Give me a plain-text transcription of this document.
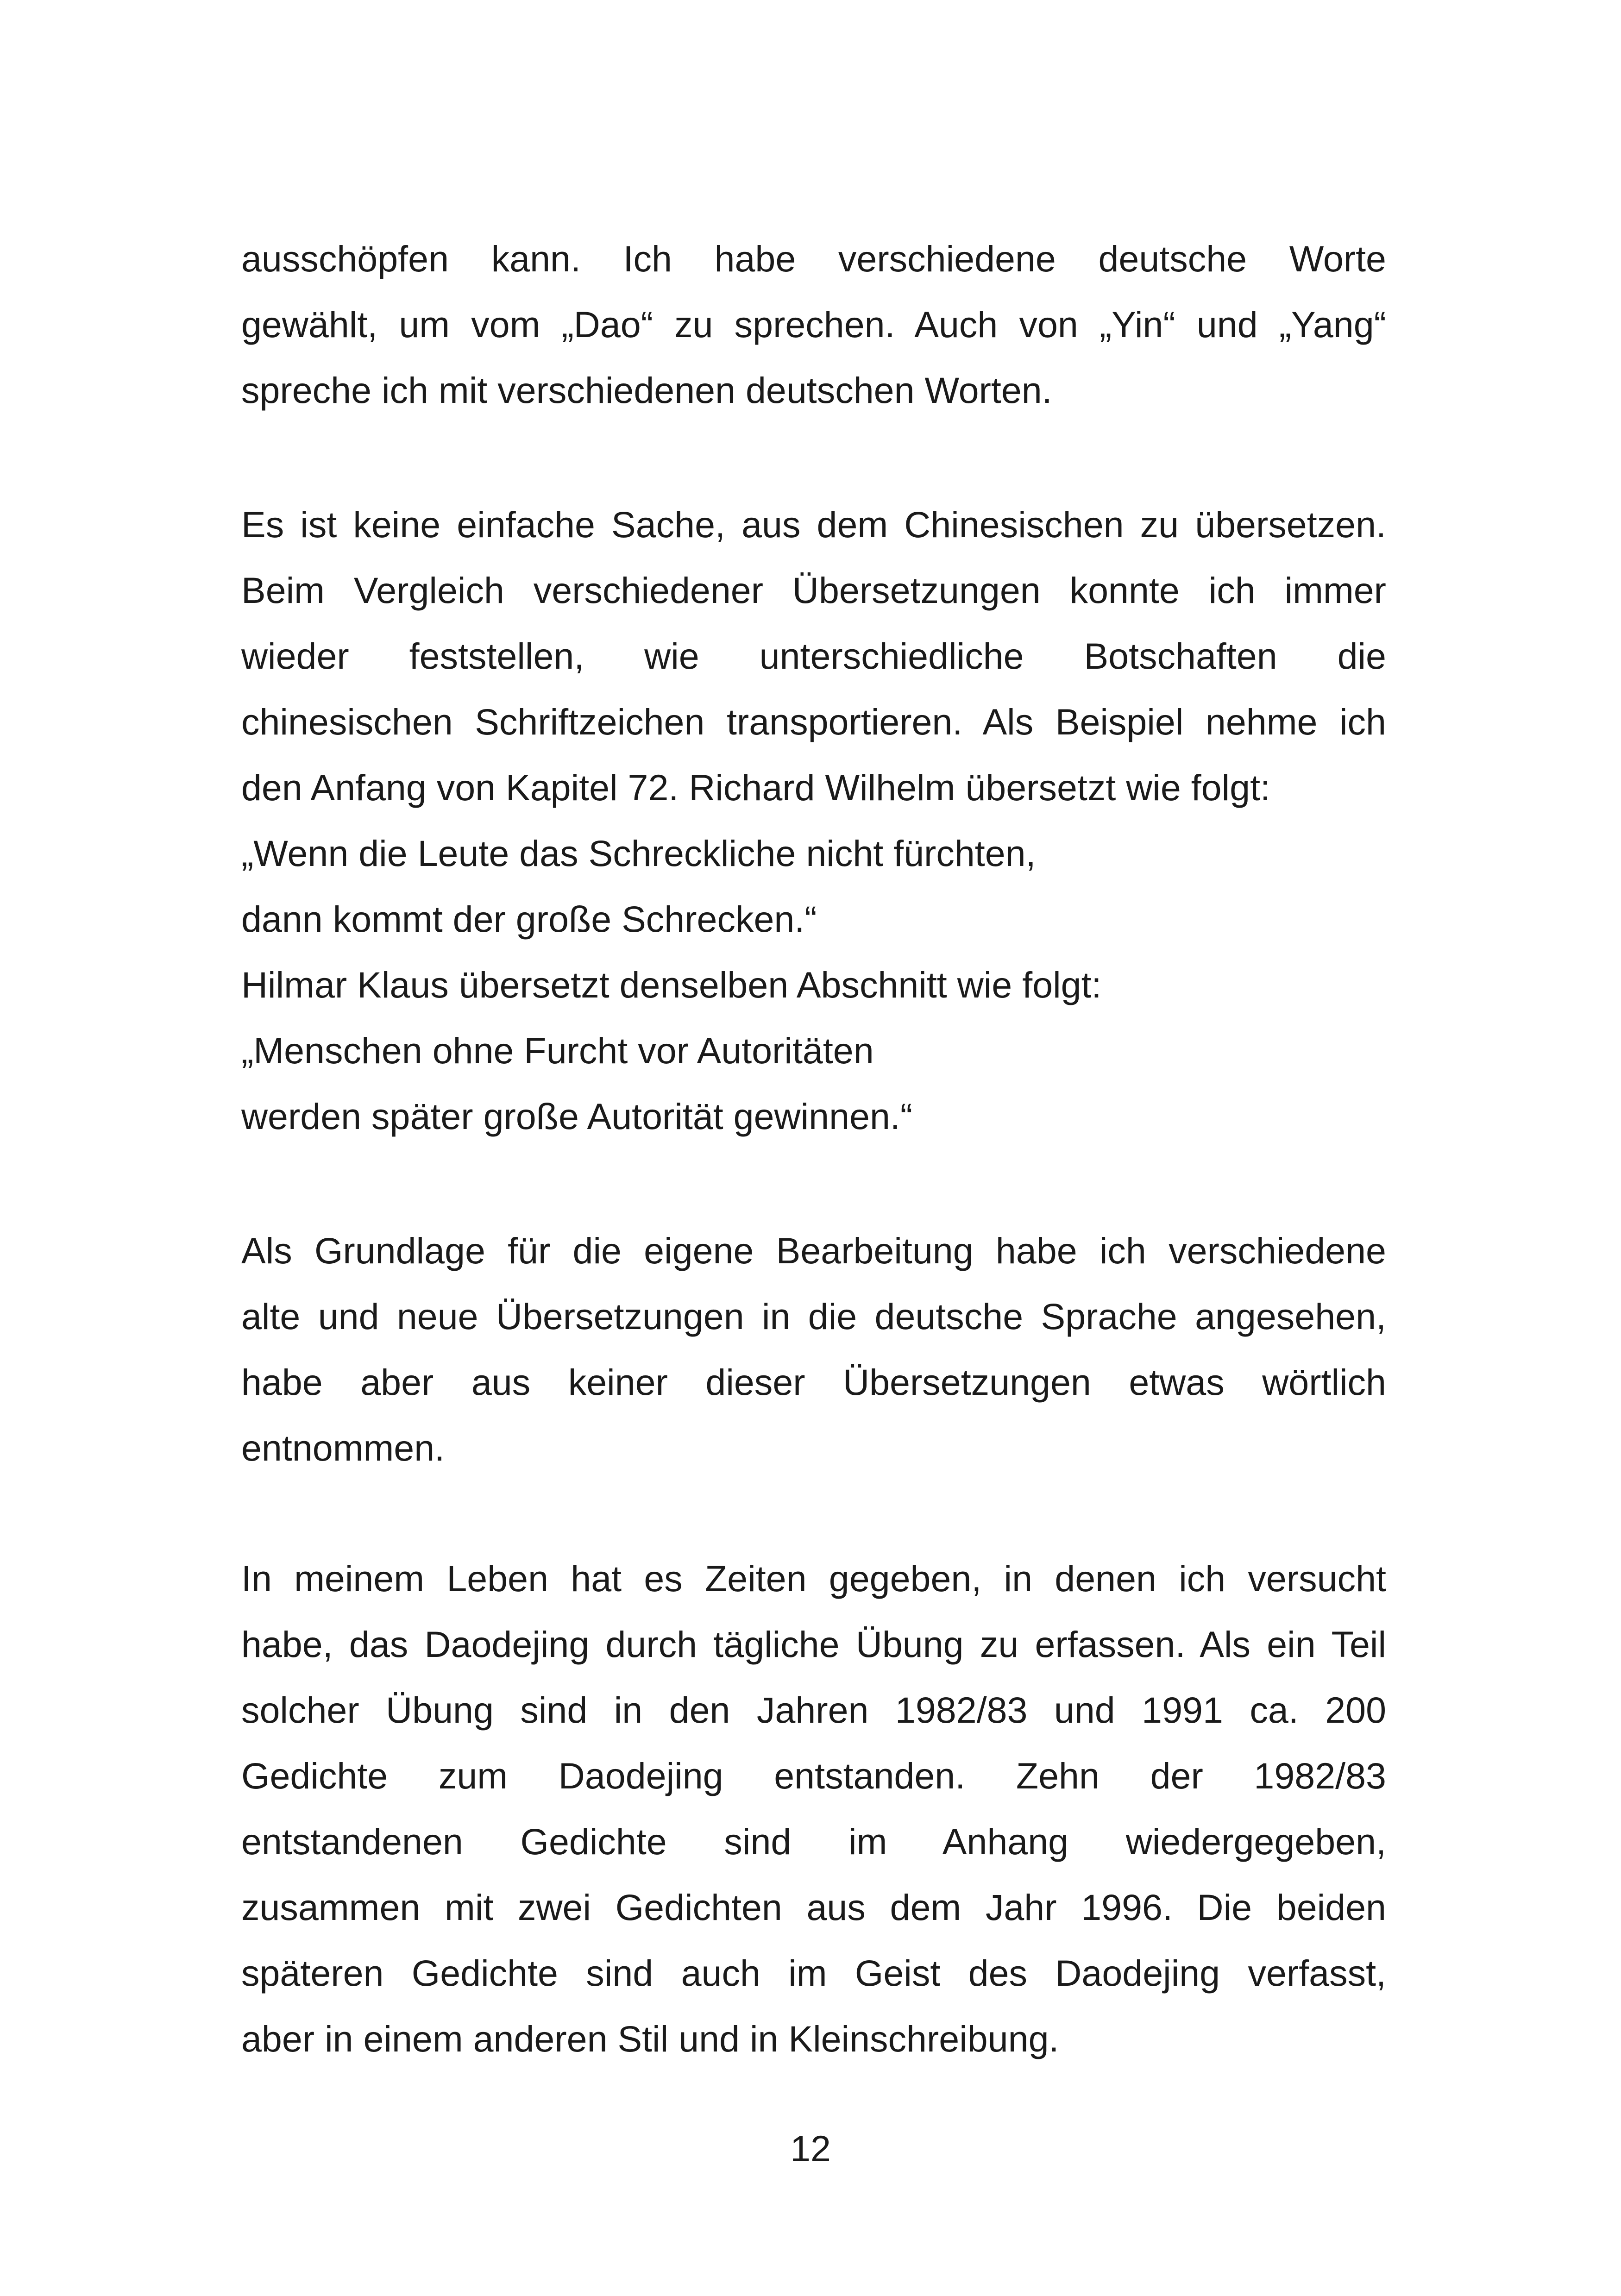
ausschöpfen kann. Ich habe verschiedene deutsche Worte
gewählt, um vom „Dao“ zu sprechen. Auch von „Yin“ und „Yang“
spreche ich mit verschiedenen deutschen Worten.

Es ist keine einfache Sache, aus dem Chinesischen zu übersetzen.
Beim Vergleich verschiedener Übersetzungen konnte ich immer
wieder feststellen, wie unterschiedliche Botschaften die
chinesischen Schriftzeichen transportieren. Als Beispiel nehme ich
den Anfang von Kapitel 72. Richard Wilhelm übersetzt wie folgt:
„Wenn die Leute das Schreckliche nicht fürchten,
dann kommt der große Schrecken.“
Hilmar Klaus übersetzt denselben Abschnitt wie folgt:
„Menschen ohne Furcht vor Autoritäten
werden später große Autorität gewinnen.“

Als Grundlage für die eigene Bearbeitung habe ich verschiedene
alte und neue Übersetzungen in die deutsche Sprache angesehen,
habe aber aus keiner dieser Übersetzungen etwas wörtlich
entnommen.

In meinem Leben hat es Zeiten gegeben, in denen ich versucht
habe, das Daodejing durch tägliche Übung zu erfassen. Als ein Teil
solcher Übung sind in den Jahren 1982/83 und 1991 ca. 200
Gedichte zum Daodejing entstanden. Zehn der 1982/83
entstandenen Gedichte sind im Anhang wiedergegeben,
zusammen mit zwei Gedichten aus dem Jahr 1996. Die beiden
späteren Gedichte sind auch im Geist des Daodejing verfasst,
aber in einem anderen Stil und in Kleinschreibung.

12
